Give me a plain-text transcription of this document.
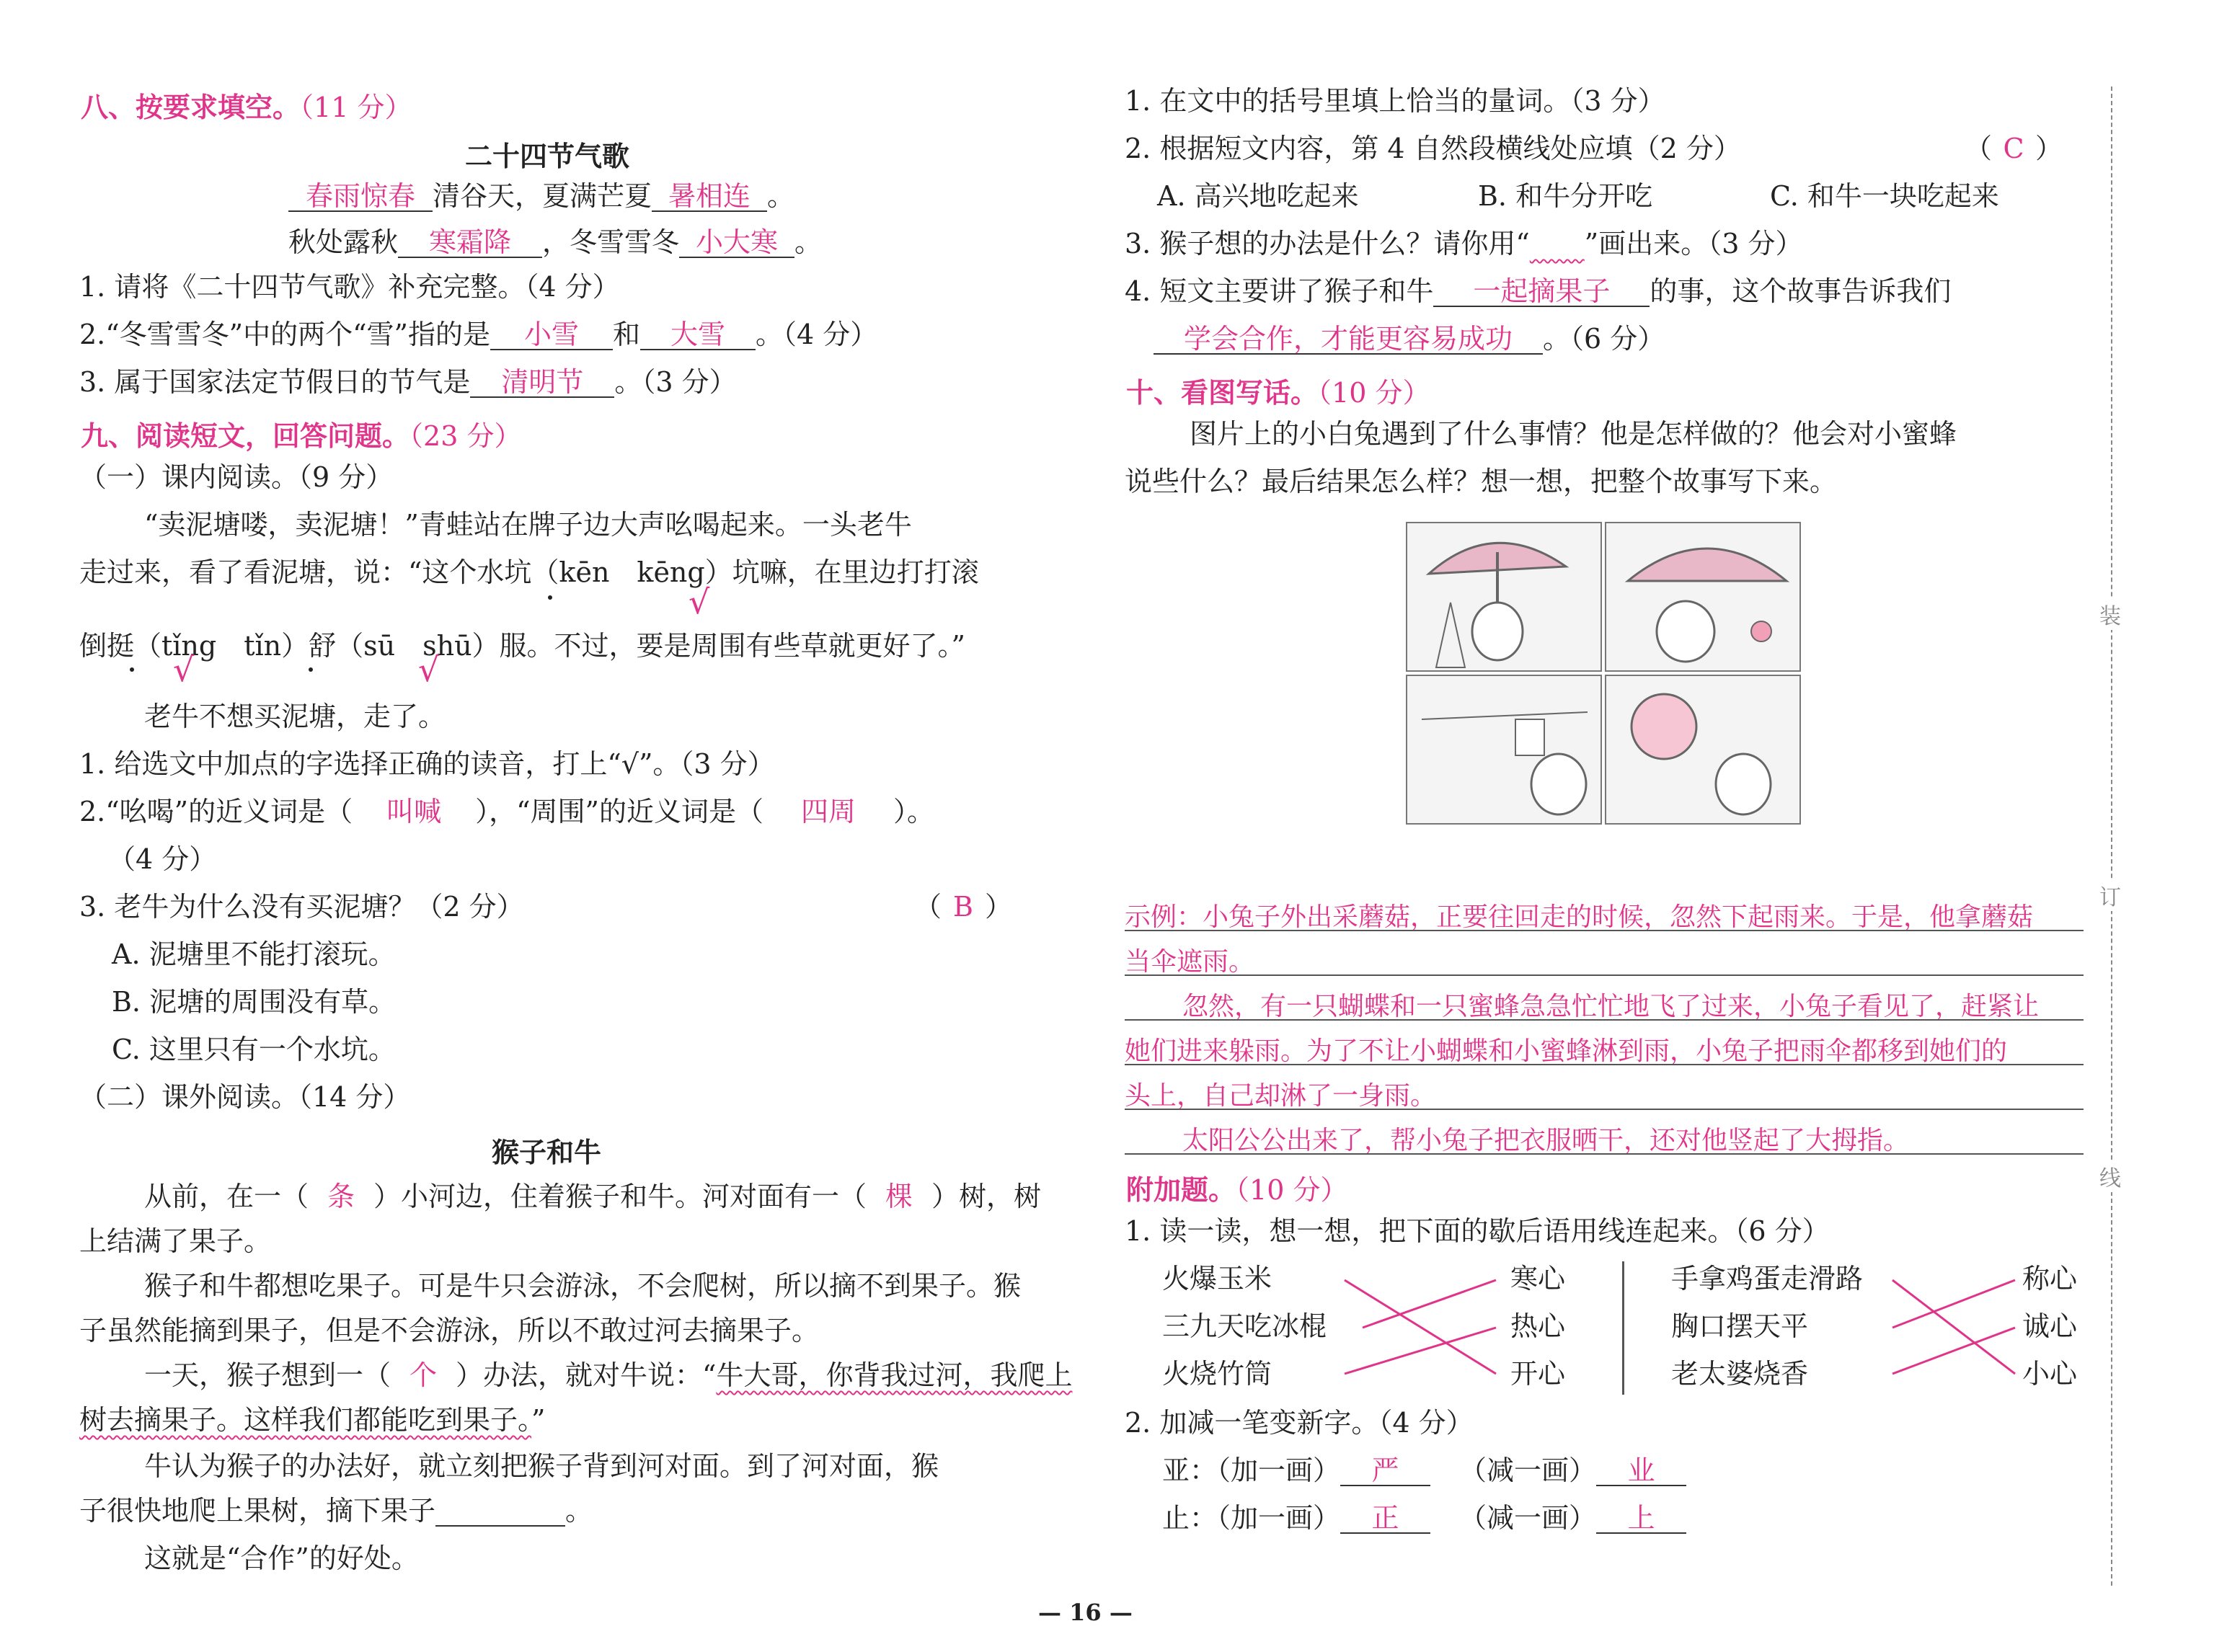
八、按要求填空。（11 分）
二十四节气歌
春雨惊春 清谷天，夏满芒夏 暑相连 。
秋处露秋 寒霜降 ，冬雪雪冬 小大寒 。
1. 请将《二十四节气歌》补充完整。（4 分）
2.“冬雪雪冬”中的两个“雪”指的是 小雪 和 大雪 。（4 分）
3. 属于国家法定节假日的节气是 清明节 。（3 分）
九、阅读短文，回答问题。（23 分）
（一）课内阅读。（9 分）
“卖泥塘喽，卖泥塘！”青蛙站在牌子边大声吆喝起来。一头老牛
走过来，看了看泥塘，说：“这个水坑（kēn　kēng）坑嘛，在里边打打滚
倒挺（tǐng　tǐn）舒（sū　shū）服。不过，要是周围有些草就更好了。”
老牛不想买泥塘，走了。
√
√	√
1. 给选文中加点的字选择正确的读音，打上“√”。（3 分）
2.“吆喝”的近义词是（ 叫喊 ），“周围”的近义词是（ 四周 ）。
（4 分）
3. 老牛为什么没有买泥塘？（2 分）	（ B ）
A. 泥塘里不能打滚玩。
B. 泥塘的周围没有草。
C. 这里只有一个水坑。
（二）课外阅读。（14 分）
猴子和牛
从前，在一（ 条 ）小河边，住着猴子和牛。河对面有一（ 棵 ）树，树
上结满了果子。
猴子和牛都想吃果子。可是牛只会游泳，不会爬树，所以摘不到果子。猴
子虽然能摘到果子，但是不会游泳，所以不敢过河去摘果子。
一天，猴子想到一（ 个 ）办法，就对牛说：“牛大哥，你背我过河，我爬上
树去摘果子。这样我们都能吃到果子。”
牛认为猴子的办法好，就立刻把猴子背到河对面。到了河对面，猴
子很快地爬上果树，摘下果子	。
这就是“合作”的好处。
1. 在文中的括号里填上恰当的量词。（3 分）
2. 根据短文内容，第 4 自然段横线处应填（2 分）	（ C ）
A. 高兴地吃起来	B. 和牛分开吃	C. 和牛一块吃起来
3. 猴子想的办法是什么？请你用“ ”画出来。（3 分）
4. 短文主要讲了猴子和牛 一起摘果子 的事，这个故事告诉我们
学会合作，才能更容易成功 。（6 分）
十、看图写话。（10 分）
图片上的小白兔遇到了什么事情？他是怎样做的？他会对小蜜蜂
说些什么？最后结果怎么样？想一想，把整个故事写下来。
示例：小兔子外出采蘑菇，正要往回走的时候，忽然下起雨来。于是，他拿蘑菇
当伞遮雨。
忽然，有一只蝴蝶和一只蜜蜂急急忙忙地飞了过来，小兔子看见了，赶紧让
她们进来躲雨。为了不让小蝴蝶和小蜜蜂淋到雨，小兔子把雨伞都移到她们的
头上，自己却淋了一身雨。
太阳公公出来了，帮小兔子把衣服晒干，还对他竖起了大拇指。
附加题。（10 分）
1. 读一读，想一想，把下面的歇后语用线连起来。（6 分）
火爆玉米
三九天吃冰棍
火烧竹筒
寒心
热心
开心
手拿鸡蛋走滑路
胸口摆天平
老太婆烧香
称心
诚心
小心
2. 加减一笔变新字。（4 分）
亚：（加一画） 严 （减一画） 业
止：（加一画） 正 （减一画） 上
装
订
线
— 16 —
